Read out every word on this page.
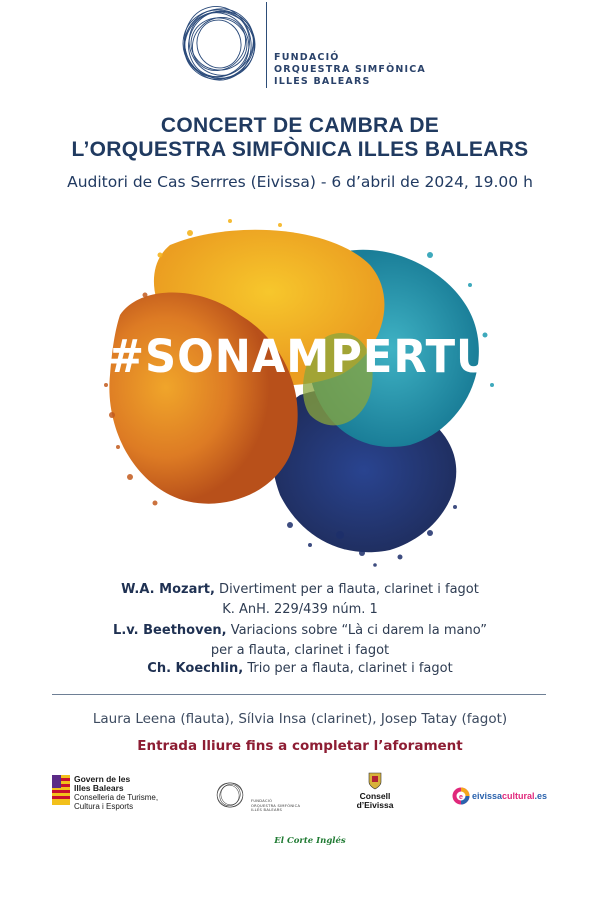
FUNDACIÓ
ORQUESTRA SIMFÒNICA
ILLES BALEARS
CONCERT DE CAMBRA DE
L’ORQUESTRA SIMFÒNICA ILLES BALEARS
Auditori de Cas Serrres (Eivissa) - 6 d’abril de 2024, 19.00 h
#SONAMPERTU
W.A. Mozart, Divertiment per a flauta, clarinet i fagot
K. AnH. 229/439 núm. 1
L.v. Beethoven, Variacions sobre “Là ci darem la mano”
per a flauta, clarinet i fagot
Ch. Koechlin, Trio per a flauta, clarinet i fagot
Laura Leena (flauta), Sílvia Insa (clarinet), Josep Tatay (fagot)
Entrada lliure fins a completar l’aforament
Govern de les
Illes Balears
Conselleria de Turisme,
Cultura i Esports
FUNDACIÓ
ORQUESTRA SIMFÒNICA
ILLES BALEARS
Consell
d’Eivissa
e eivissacultural.es
El Corte Inglés
